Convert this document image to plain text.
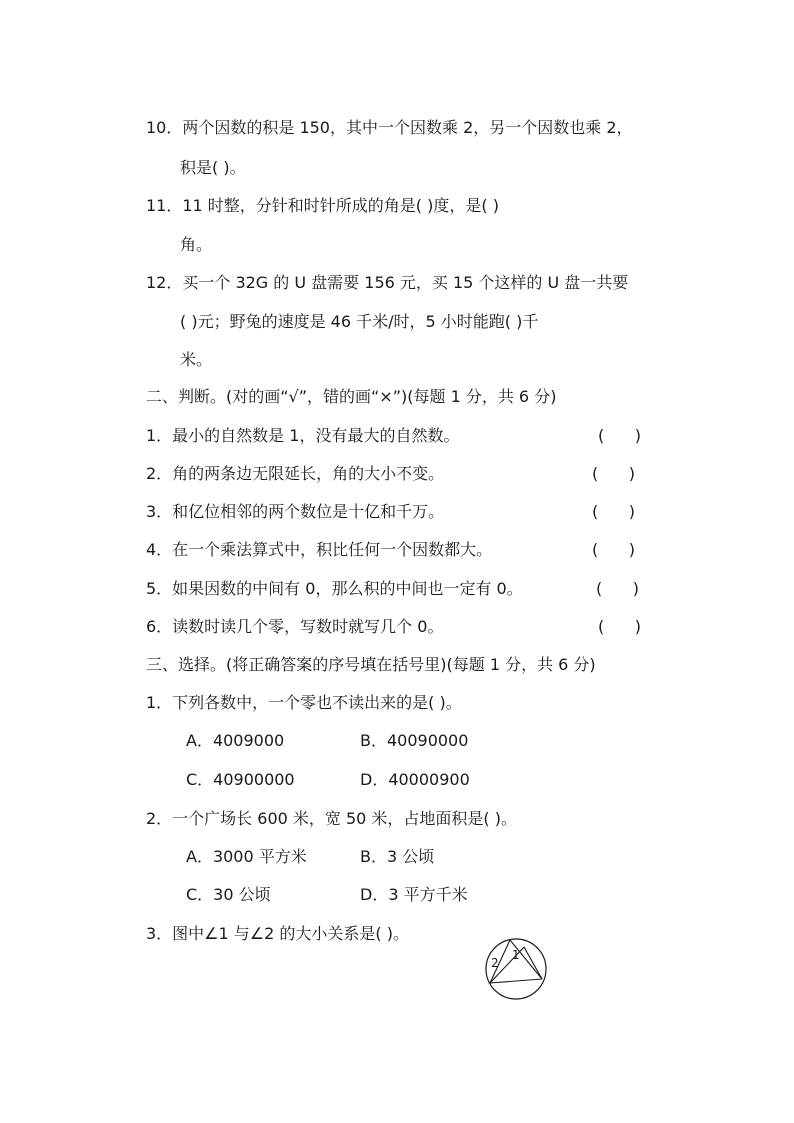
10．两个因数的积是 150，其中一个因数乘 2，另一个因数也乘 2，
积是( )。
11．11 时整，分针和时针所成的角是( )度，是( )
角。
12．买一个 32G 的 U 盘需要 156 元，买 15 个这样的 U 盘一共要
( )元；野兔的速度是 46 千米/时，5 小时能跑( )千
米。
二、判断。(对的画“√”，错的画“×”)(每题 1 分，共 6 分)
1．最小的自然数是 1，没有最大的自然数。	(      )
2．角的两条边无限延长，角的大小不变。	(      )
3．和亿位相邻的两个数位是十亿和千万。	(      )
4．在一个乘法算式中，积比任何一个因数都大。	(      )
5．如果因数的中间有 0，那么积的中间也一定有 0。	(      )
6．读数时读几个零，写数时就写几个 0。	(      )
三、选择。(将正确答案的序号填在括号里)(每题 1 分，共 6 分)
1．下列各数中，一个零也不读出来的是( )。
A．4009000	B．40090000
C．40900000	D．40000900
2．一个广场长 600 米，宽 50 米，占地面积是( )。
A．3000 平方米	B．3 公顷
C．30 公顷	D．3 平方千米
3．图中∠1 与∠2 的大小关系是( )。
2
1
